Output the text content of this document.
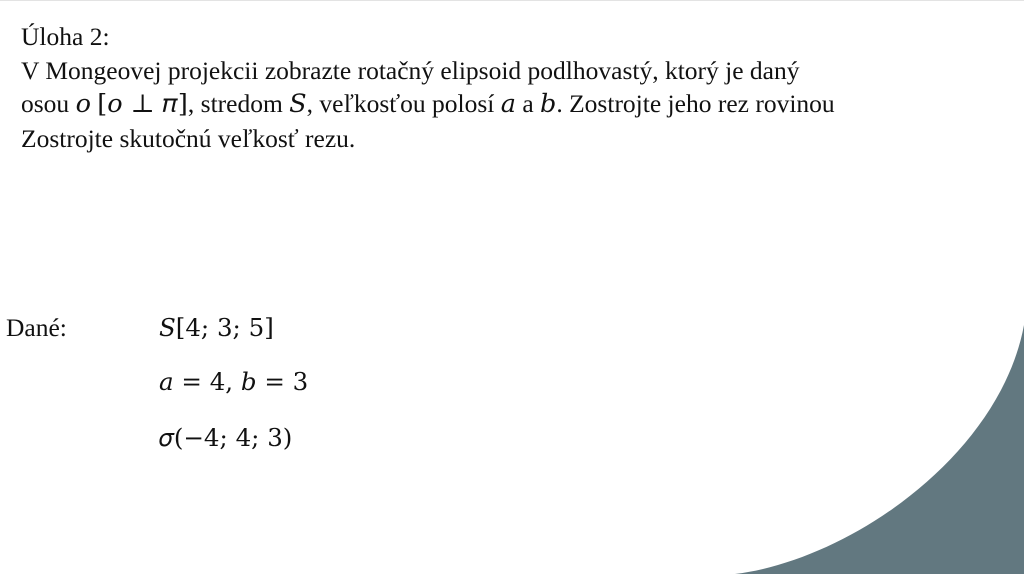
Úloha 2:
V Mongeovej projekcii zobrazte rotačný elipsoid podlhovastý, ktorý je daný
osou o [𝑜 ⊥ 𝜋], stredom S, veľkosťou polosí a a b. Zostrojte jeho rez rovinou
Zostrojte skutočnú veľkosť rezu.
Dané:	𝑆[4; 3; 5]
𝑎 = 4, 𝑏 = 3
𝜎(−4; 4; 3)
